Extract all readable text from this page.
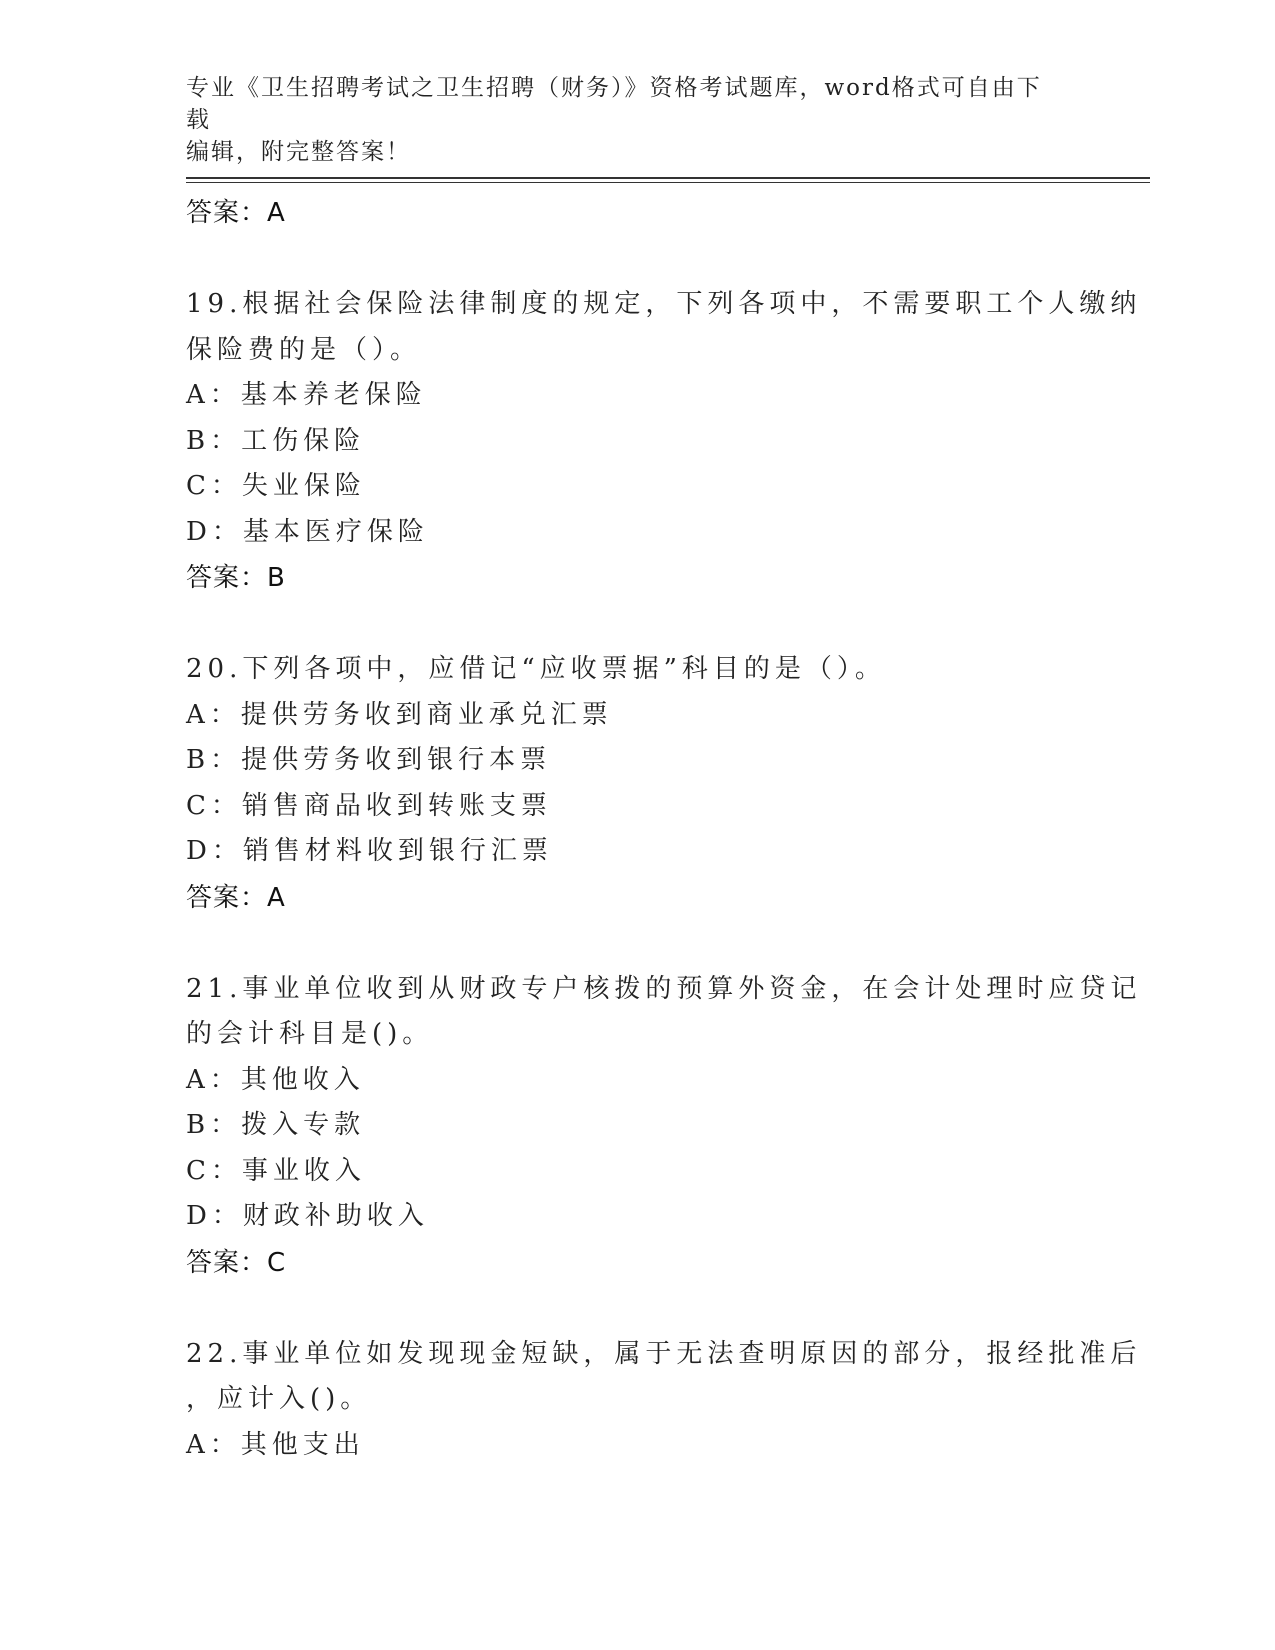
专业《卫生招聘考试之卫生招聘（财务）》资格考试题库，word格式可自由下载
编辑，附完整答案！
答案：A
19.根据社会保险法律制度的规定，下列各项中，不需要职工个人缴纳
保险费的是（）。
A：基本养老保险
B：工伤保险
C：失业保险
D：基本医疗保险
答案：B
20.下列各项中，应借记“应收票据”科目的是（）。
A：提供劳务收到商业承兑汇票
B：提供劳务收到银行本票
C：销售商品收到转账支票
D：销售材料收到银行汇票
答案：A
21.事业单位收到从财政专户核拨的预算外资金，在会计处理时应贷记
的会计科目是()。
A：其他收入
B：拨入专款
C：事业收入
D：财政补助收入
答案：C
22.事业单位如发现现金短缺，属于无法查明原因的部分，报经批准后
，应计入()。
A：其他支出
